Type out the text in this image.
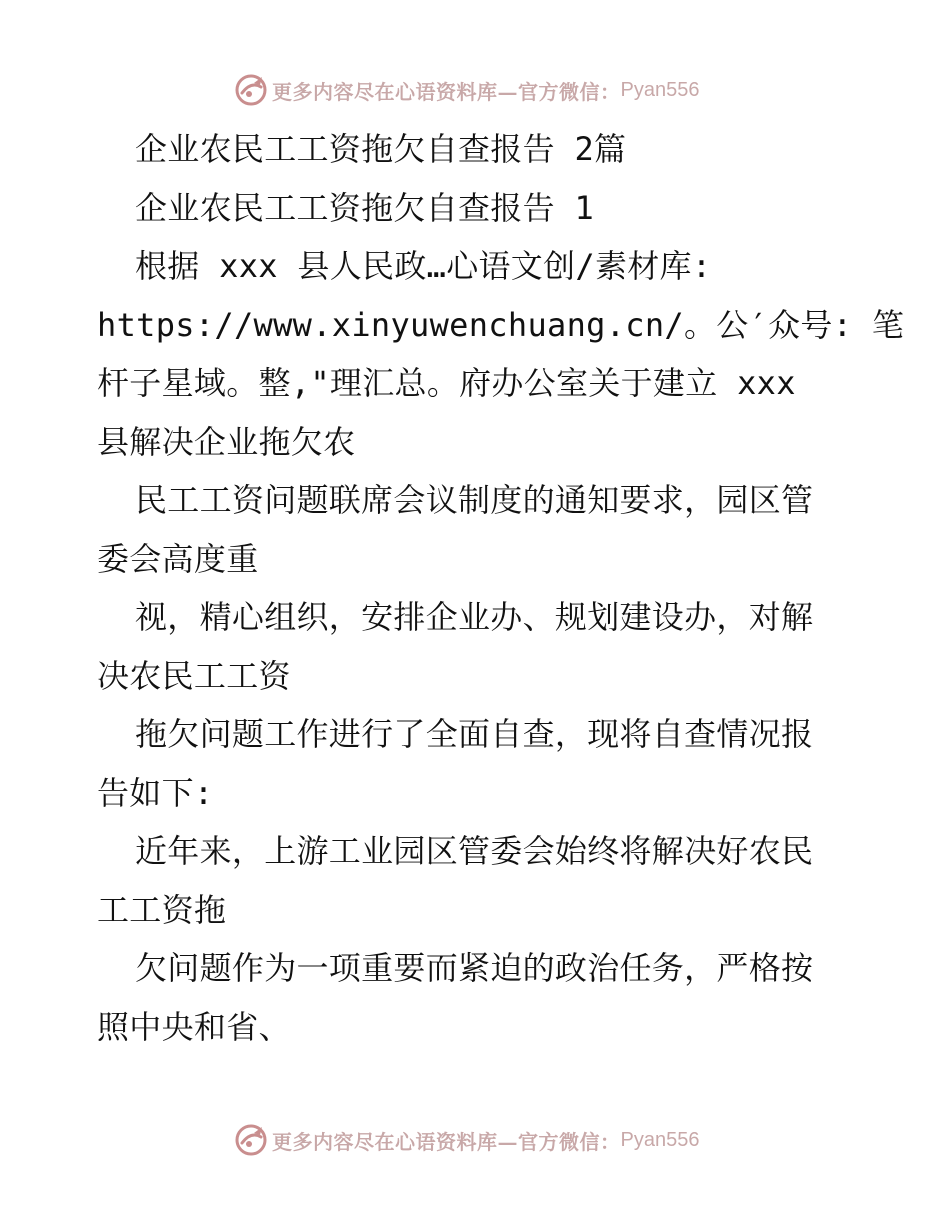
更多内容尽在心语资料库—官方微信： Pyan556
企业农民工工资拖欠自查报告 2篇
企业农民工工资拖欠自查报告 1
根据 xxx 县人民政…心语文创/素材库:
https://www.xinyuwenchuang.cn/。公′众号: 笔
杆子星域。整,"理汇总。府办公室关于建立 xxx
县解决企业拖欠农
民工工资问题联席会议制度的通知要求，园区管
委会高度重
视，精心组织，安排企业办、规划建设办，对解
决农民工工资
拖欠问题工作进行了全面自查，现将自查情况报
告如下:
近年来，上游工业园区管委会始终将解决好农民
工工资拖
欠问题作为一项重要而紧迫的政治任务，严格按
照中央和省、
更多内容尽在心语资料库—官方微信： Pyan556
